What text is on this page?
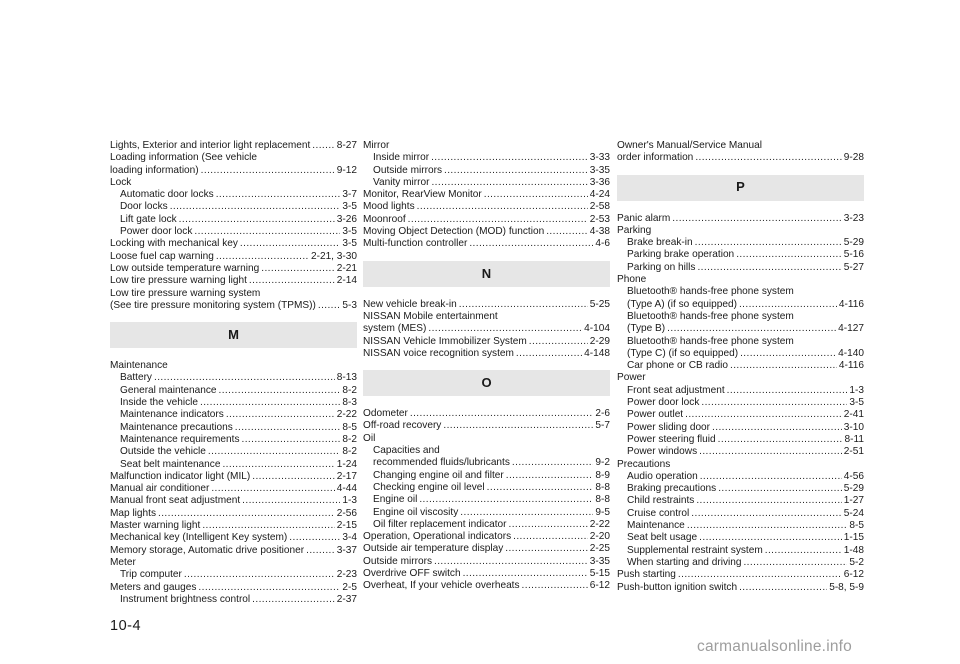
Lights, Exterior and interior light replacement .....	8-27
Loading information (See vehicle
loading information) .....	9-12
Lock
Automatic door locks .....	3-7
Door locks .....	3-5
Lift gate lock .....	3-26
Power door lock .....	3-5
Locking with mechanical key .....	3-5
Loose fuel cap warning .....	2-21, 3-30
Low outside temperature warning .....	2-21
Low tire pressure warning light .....	2-14
Low tire pressure warning system
(See tire pressure monitoring system (TPMS)) .....	5-3
M
Maintenance
Battery .....	8-13
General maintenance .....	8-2
Inside the vehicle .....	8-3
Maintenance indicators .....	2-22
Maintenance precautions .....	8-5
Maintenance requirements .....	8-2
Outside the vehicle .....	8-2
Seat belt maintenance .....	1-24
Malfunction indicator light (MIL) .....	2-17
Manual air conditioner .....	4-44
Manual front seat adjustment .....	1-3
Map lights .....	2-56
Master warning light .....	2-15
Mechanical key (Intelligent Key system) .....	3-4
Memory storage, Automatic drive positioner .....	3-37
Meter
Trip computer .....	2-23
Meters and gauges .....	2-5
Instrument brightness control .....	2-37
Mirror
Inside mirror .....	3-33
Outside mirrors .....	3-35
Vanity mirror .....	3-36
Monitor, RearView Monitor .....	4-24
Mood lights .....	2-58
Moonroof .....	2-53
Moving Object Detection (MOD) function .....	4-38
Multi-function controller .....	4-6
N
New vehicle break-in .....	5-25
NISSAN Mobile entertainment
system (MES) .....	4-104
NISSAN Vehicle Immobilizer System .....	2-29
NISSAN voice recognition system .....	4-148
O
Odometer .....	2-6
Off-road recovery .....	5-7
Oil
Capacities and
recommended fluids/lubricants .....	9-2
Changing engine oil and filter .....	8-9
Checking engine oil level .....	8-8
Engine oil .....	8-8
Engine oil viscosity .....	9-5
Oil filter replacement indicator .....	2-22
Operation, Operational indicators .....	2-20
Outside air temperature display .....	2-25
Outside mirrors .....	3-35
Overdrive OFF switch .....	5-15
Overheat, If your vehicle overheats .....	6-12
Owner's Manual/Service Manual
order information .....	9-28
P
Panic alarm .....	3-23
Parking
Brake break-in .....	5-29
Parking brake operation .....	5-16
Parking on hills .....	5-27
Phone
Bluetooth® hands-free phone system
(Type A) (if so equipped) .....	4-116
Bluetooth® hands-free phone system
(Type B) .....	4-127
Bluetooth® hands-free phone system
(Type C) (if so equipped) .....	4-140
Car phone or CB radio .....	4-116
Power
Front seat adjustment .....	1-3
Power door lock .....	3-5
Power outlet .....	2-41
Power sliding door .....	3-10
Power steering fluid .....	8-11
Power windows .....	2-51
Precautions
Audio operation .....	4-56
Braking precautions .....	5-29
Child restraints .....	1-27
Cruise control .....	5-24
Maintenance .....	8-5
Seat belt usage .....	1-15
Supplemental restraint system .....	1-48
When starting and driving .....	5-2
Push starting .....	6-12
Push-button ignition switch .....	5-8, 5-9
10-4
carmanualsonline.info
